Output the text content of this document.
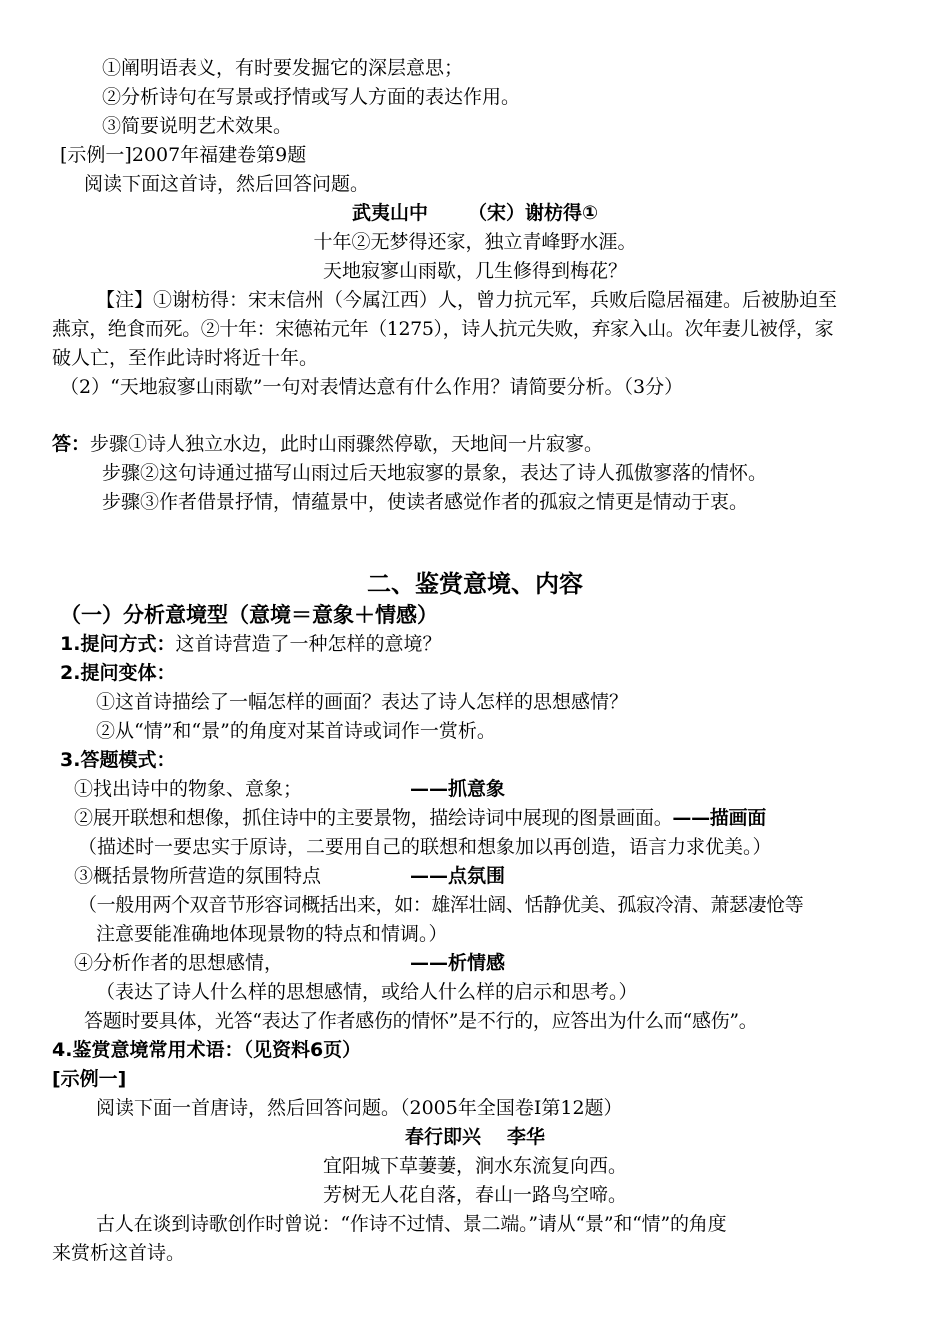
①阐明语表义，有时要发掘它的深层意思；
②分析诗句在写景或抒情或写人方面的表达作用。
③简要说明艺术效果。
[示例一]2007年福建卷第9题
阅读下面这首诗，然后回答问题。
武夷山中 （宋）谢枋得①
十年②无梦得还家，独立青峰野水涯。
天地寂寥山雨歇，几生修得到梅花？
【注】①谢枋得：宋末信州（今属江西）人，曾力抗元军，兵败后隐居福建。后被胁迫至
燕京，绝食而死。②十年：宋德祐元年（1275），诗人抗元失败，弃家入山。次年妻儿被俘，家
破人亡，至作此诗时将近十年。
（2）“天地寂寥山雨歇”一句对表情达意有什么作用？请简要分析。（3分）
答：步骤①诗人独立水边，此时山雨骤然停歇，天地间一片寂寥。
步骤②这句诗通过描写山雨过后天地寂寥的景象，表达了诗人孤傲寥落的情怀。
步骤③作者借景抒情，情蕴景中，使读者感觉作者的孤寂之情更是情动于衷。
二、鉴赏意境、内容
（一）分析意境型（意境＝意象＋情感）
1.提问方式：这首诗营造了一种怎样的意境？
2.提问变体：
①这首诗描绘了一幅怎样的画面？表达了诗人怎样的思想感情？
②从“情”和“景”的角度对某首诗或词作一赏析。
3.答题模式：
①找出诗中的物象、意象；	——抓意象
②展开联想和想像，抓住诗中的主要景物，描绘诗词中展现的图景画面。——描画面
（描述时一要忠实于原诗，二要用自己的联想和想象加以再创造，语言力求优美。）
③概括景物所营造的氛围特点	——点氛围
（一般用两个双音节形容词概括出来，如：雄浑壮阔、恬静优美、孤寂冷清、萧瑟凄怆等
注意要能准确地体现景物的特点和情调。）
④分析作者的思想感情，	——析情感
（表达了诗人什么样的思想感情，或给人什么样的启示和思考。）
答题时要具体，光答“表达了作者感伤的情怀”是不行的，应答出为什么而“感伤”。
4.鉴赏意境常用术语：（见资料6页）
[示例一]
阅读下面一首唐诗，然后回答问题。（2005年全国卷Ⅰ第12题）
春行即兴 李华
宜阳城下草萋萋，涧水东流复向西。
芳树无人花自落，春山一路鸟空啼。
古人在谈到诗歌创作时曾说：“作诗不过情、景二端。”请从“景”和“情”的角度
来赏析这首诗。
